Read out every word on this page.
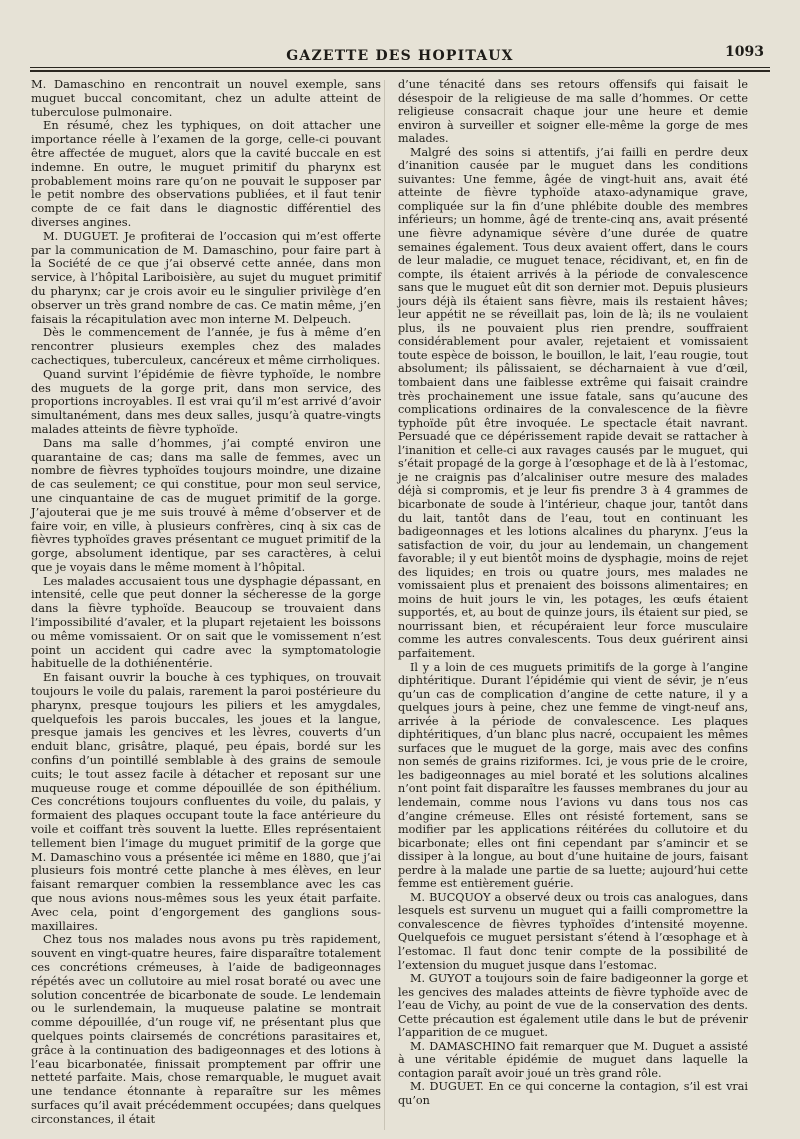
GAZETTE DES HOPITAUX	1093

M. Damaschino en rencontrait un nouvel exemple, sans muguet buccal concomitant, chez un adulte atteint de tuberculose pulmonaire.

En résumé, chez les typhiques, on doit attacher une importance réelle à l’examen de la gorge, celle-ci pouvant être affectée de muguet, alors que la cavité buccale en est indemne. En outre, le muguet primitif du pharynx est probablement moins rare qu’on ne pouvait le supposer par le petit nombre des observations publiées, et il faut tenir compte de ce fait dans le diagnostic différentiel des diverses angines.

M. DUGUET. Je profiterai de l’occasion qui m’est offerte par la communication de M. Damaschino, pour faire part à la Société de ce que j’ai observé cette année, dans mon service, à l’hôpital Lariboisière, au sujet du muguet primitif du pharynx; car je crois avoir eu le singulier privilège d’en observer un très grand nombre de cas. Ce matin même, j’en faisais la récapitulation avec mon interne M. Delpeuch.

Dès le commencement de l’année, je fus à même d’en rencontrer plusieurs exemples chez des malades cachectiques, tuberculeux, cancéreux et même cirrholiques.

Quand survint l’épidémie de fièvre typhoïde, le nombre des muguets de la gorge prit, dans mon service, des proportions incroyables. Il est vrai qu’il m’est arrivé d’avoir simultanément, dans mes deux salles, jusqu’à quatre-vingts malades atteints de fièvre typhoïde.

Dans ma salle d’hommes, j’ai compté environ une quarantaine de cas; dans ma salle de femmes, avec un nombre de fièvres typhoïdes toujours moindre, une dizaine de cas seulement; ce qui constitue, pour mon seul service, une cinquantaine de cas de muguet primitif de la gorge. J’ajouterai que je me suis trouvé à même d’observer et de faire voir, en ville, à plusieurs confrères, cinq à six cas de fièvres typhoïdes graves présentant ce muguet primitif de la gorge, absolument identique, par ses caractères, à celui que je voyais dans le même moment à l’hôpital.

Les malades accusaient tous une dysphagie dépassant, en intensité, celle que peut donner la sécheresse de la gorge dans la fièvre typhoïde. Beaucoup se trouvaient dans l’impossibilité d’avaler, et la plupart rejetaient les boissons ou même vomissaient. Or on sait que le vomissement n’est point un accident qui cadre avec la symptomatologie habituelle de la dothiénentérie.

En faisant ouvrir la bouche à ces typhiques, on trouvait toujours le voile du palais, rarement la paroi postérieure du pharynx, presque toujours les piliers et les amygdales, quelquefois les parois buccales, les joues et la langue, presque jamais les gencives et les lèvres, couverts d’un enduit blanc, grisâtre, plaqué, peu épais, bordé sur les confins d’un pointillé semblable à des grains de semoule cuits; le tout assez facile à détacher et reposant sur une muqueuse rouge et comme dépouillée de son épithélium. Ces concrétions toujours confluentes du voile, du palais, y formaient des plaques occupant toute la face antérieure du voile et coiffant très souvent la luette. Elles représentaient tellement bien l’image du muguet primitif de la gorge que M. Damaschino vous a présentée ici même en 1880, que j’ai plusieurs fois montré cette planche à mes élèves, en leur faisant remarquer combien la ressemblance avec les cas que nous avions nous-mêmes sous les yeux était parfaite. Avec cela, point d’engorgement des ganglions sous-maxillaires.

Chez tous nos malades nous avons pu très rapidement, souvent en vingt-quatre heures, faire disparaître totalement ces concrétions crémeuses, à l’aide de badigeonnages répétés avec un collutoire au miel rosat boraté ou avec une solution concentrée de bicarbonate de soude. Le lendemain ou le surlendemain, la muqueuse palatine se montrait comme dépouillée, d’un rouge vif, ne présentant plus que quelques points clairsemés de concrétions parasitaires et, grâce à la continuation des badigeonnages et des lotions à l’eau bicarbonatée, finissait promptement par offrir une netteté parfaite. Mais, chose remarquable, le muguet avait une tendance étonnante à reparaître sur les mêmes surfaces qu’il avait précédemment occupées; dans quelques circonstances, il était

d’une ténacité dans ses retours offensifs qui faisait le désespoir de la religieuse de ma salle d’hommes. Or cette religieuse consacrait chaque jour une heure et demie environ à surveiller et soigner elle-même la gorge de mes malades.

Malgré des soins si attentifs, j’ai failli en perdre deux d’inanition causée par le muguet dans les conditions suivantes: Une femme, âgée de vingt-huit ans, avait été atteinte de fièvre typhoïde ataxo-adynamique grave, compliquée sur la fin d’une phlébite double des membres inférieurs; un homme, âgé de trente-cinq ans, avait présenté une fièvre adynamique sévère d’une durée de quatre semaines également. Tous deux avaient offert, dans le cours de leur maladie, ce muguet tenace, récidivant, et, en fin de compte, ils étaient arrivés à la période de convalescence sans que le muguet eût dit son dernier mot. Depuis plusieurs jours déjà ils étaient sans fièvre, mais ils restaient hâves; leur appétit ne se réveillait pas, loin de là; ils ne voulaient plus, ils ne pouvaient plus rien prendre, souffraient considérablement pour avaler, rejetaient et vomissaient toute espèce de boisson, le bouillon, le lait, l’eau rougie, tout absolument; ils pâlissaient, se décharnaient à vue d’œil, tombaient dans une faiblesse extrême qui faisait craindre très prochainement une issue fatale, sans qu’aucune des complications ordinaires de la convalescence de la fièvre typhoïde pût être invoquée. Le spectacle était navrant. Persuadé que ce dépérissement rapide devait se rattacher à l’inanition et celle-ci aux ravages causés par le muguet, qui s’était propagé de la gorge à l’œsophage et de là à l’estomac, je ne craignis pas d’alcaliniser outre mesure des malades déjà si compromis, et je leur fis prendre 3 à 4 grammes de bicarbonate de soude à l’intérieur, chaque jour, tantôt dans du lait, tantôt dans de l’eau, tout en continuant les badigeonnages et les lotions alcalines du pharynx. J’eus la satisfaction de voir, du jour au lendemain, un changement favorable; il y eut bientôt moins de dysphagie, moins de rejet des liquides; en trois ou quatre jours, mes malades ne vomissaient plus et prenaient des boissons alimentaires; en moins de huit jours le vin, les potages, les œufs étaient supportés, et, au bout de quinze jours, ils étaient sur pied, se nourrissant bien, et récupéraient leur force musculaire comme les autres convalescents. Tous deux guérirent ainsi parfaitement.

Il y a loin de ces muguets primitifs de la gorge à l’angine diphtéritique. Durant l’épidémie qui vient de sévir, je n’eus qu’un cas de complication d’angine de cette nature, il y a quelques jours à peine, chez une femme de vingt-neuf ans, arrivée à la période de convalescence. Les plaques diphtéritiques, d’un blanc plus nacré, occupaient les mêmes surfaces que le muguet de la gorge, mais avec des confins non semés de grains riziformes. Ici, je vous prie de le croire, les badigeonnages au miel boraté et les solutions alcalines n’ont point fait disparaître les fausses membranes du jour au lendemain, comme nous l’avions vu dans tous nos cas d’angine crémeuse. Elles ont résisté fortement, sans se modifier par les applications réitérées du collutoire et du bicarbonate; elles ont fini cependant par s’amincir et se dissiper à la longue, au bout d’une huitaine de jours, faisant perdre à la malade une partie de sa luette; aujourd’hui cette femme est entièrement guérie.

M. BUCQUOY a observé deux ou trois cas analogues, dans lesquels est survenu un muguet qui a failli compromettre la convalescence de fièvres typhoïdes d’intensité moyenne. Quelquefois ce muguet persistant s’étend à l’œsophage et à l’estomac. Il faut donc tenir compte de la possibilité de l’extension du muguet jusque dans l’estomac.

M. GUYOT a toujours soin de faire badigeonner la gorge et les gencives des malades atteints de fièvre typhoïde avec de l’eau de Vichy, au point de vue de la conservation des dents. Cette précaution est également utile dans le but de prévenir l’apparition de ce muguet.

M. DAMASCHINO fait remarquer que M. Duguet a assisté à une véritable épidémie de muguet dans laquelle la contagion paraît avoir joué un très grand rôle.

M. DUGUET. En ce qui concerne la contagion, s’il est vrai qu’on
